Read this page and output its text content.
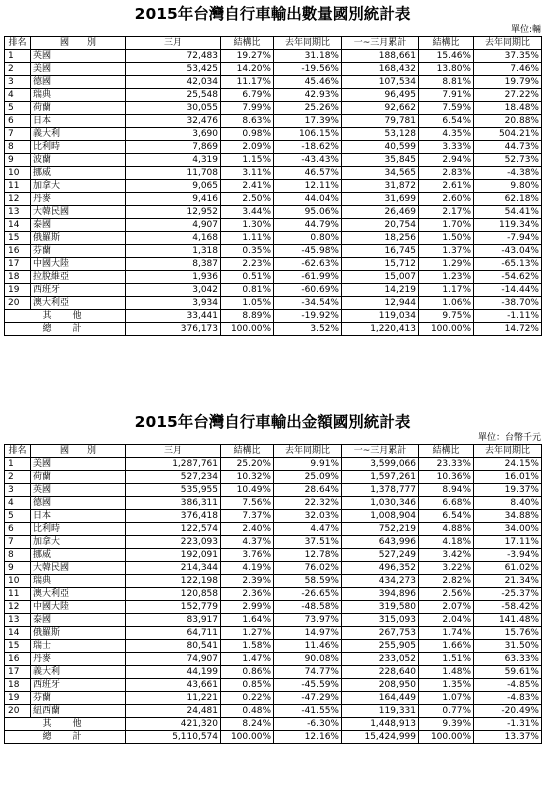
2015年台灣自行車輸出數量國別統計表
單位:輛
排名	國　　別	三月	結構比	去年同期比	一~三月累計	結構比	去年同期比
1	英國	72,483	19.27%	31.18%	188,661	15.46%	37.35%
2	美國	53,425	14.20%	-19.56%	168,432	13.80%	7.46%
3	德國	42,034	11.17%	45.46%	107,534	8.81%	19.79%
4	瑞典	25,548	6.79%	42.93%	96,495	7.91%	27.22%
5	荷蘭	30,055	7.99%	25.26%	92,662	7.59%	18.48%
6	日本	32,476	8.63%	17.39%	79,781	6.54%	20.88%
7	義大利	3,690	0.98%	106.15%	53,128	4.35%	504.21%
8	比利時	7,869	2.09%	-18.62%	40,599	3.33%	44.73%
9	波蘭	4,319	1.15%	-43.43%	35,845	2.94%	52.73%
10	挪威	11,708	3.11%	46.57%	34,565	2.83%	-4.38%
11	加拿大	9,065	2.41%	12.11%	31,872	2.61%	9.80%
12	丹麥	9,416	2.50%	44.04%	31,699	2.60%	62.18%
13	大韓民國	12,952	3.44%	95.06%	26,469	2.17%	54.41%
14	泰國	4,907	1.30%	44.79%	20,754	1.70%	119.34%
15	俄羅斯	4,168	1.11%	0.80%	18,256	1.50%	-7.94%
16	芬蘭	1,318	0.35%	-45.98%	16,745	1.37%	-43.04%
17	中國大陸	8,387	2.23%	-62.63%	15,712	1.29%	-65.13%
18	拉脫維亞	1,936	0.51%	-61.99%	15,007	1.23%	-54.62%
19	西班牙	3,042	0.81%	-60.69%	14,219	1.17%	-14.44%
20	澳大利亞	3,934	1.05%	-34.54%	12,944	1.06%	-38.70%
其　他		33,441	8.89%	-19.92%	119,034	9.75%	-1.11%
總　計		376,173	100.00%	3.52%	1,220,413	100.00%	14.72%
2015年台灣自行車輸出金額國別統計表
單位：台幣千元
排名	國　　別	三月	結構比	去年同期比	一~三月累計	結構比	去年同期比
1	美國	1,287,761	25.20%	9.91%	3,599,066	23.33%	24.15%
2	荷蘭	527,234	10.32%	25.09%	1,597,261	10.36%	16.01%
3	英國	535,955	10.49%	28.64%	1,378,777	8.94%	19.37%
4	德國	386,311	7.56%	22.32%	1,030,346	6.68%	8.40%
5	日本	376,418	7.37%	32.03%	1,008,904	6.54%	34.88%
6	比利時	122,574	2.40%	4.47%	752,219	4.88%	34.00%
7	加拿大	223,093	4.37%	37.51%	643,996	4.18%	17.11%
8	挪威	192,091	3.76%	12.78%	527,249	3.42%	-3.94%
9	大韓民國	214,344	4.19%	76.02%	496,352	3.22%	61.02%
10	瑞典	122,198	2.39%	58.59%	434,273	2.82%	21.34%
11	澳大利亞	120,858	2.36%	-26.65%	394,896	2.56%	-25.37%
12	中國大陸	152,779	2.99%	-48.58%	319,580	2.07%	-58.42%
13	泰國	83,917	1.64%	73.97%	315,093	2.04%	141.48%
14	俄羅斯	64,711	1.27%	14.97%	267,753	1.74%	15.76%
15	瑞士	80,541	1.58%	11.46%	255,905	1.66%	31.50%
16	丹麥	74,907	1.47%	90.08%	233,052	1.51%	63.33%
17	義大利	44,199	0.86%	74.77%	228,640	1.48%	59.61%
18	西班牙	43,661	0.85%	-45.59%	208,950	1.35%	-4.85%
19	芬蘭	11,221	0.22%	-47.29%	164,449	1.07%	-4.83%
20	紐西蘭	24,481	0.48%	-41.55%	119,331	0.77%	-20.49%
其　他		421,320	8.24%	-6.30%	1,448,913	9.39%	-1.31%
總　計		5,110,574	100.00%	12.16%	15,424,999	100.00%	13.37%
